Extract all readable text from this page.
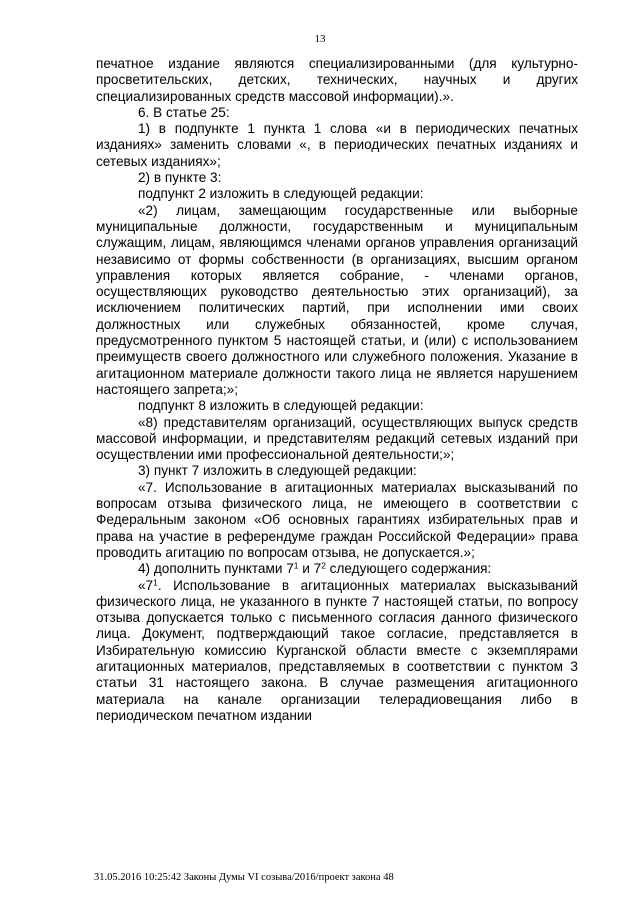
13

печатное издание являются специализированными (для культурно-просветительских, детских, технических, научных и других специализированных средств массовой информации).».

6. В статье 25:

1) в подпункте 1 пункта 1 слова «и в периодических печатных изданиях» заменить словами «, в периодических печатных изданиях и сетевых изданиях»;

2) в пункте 3:

подпункт 2 изложить в следующей редакции:

«2) лицам, замещающим государственные или выборные муниципальные должности, государственным и муниципальным служащим, лицам, являющимся членами органов управления организаций независимо от формы собственности (в организациях, высшим органом управления которых является собрание, - членами органов, осуществляющих руководство деятельностью этих организаций), за исключением политических партий, при исполнении ими своих должностных или служебных обязанностей, кроме случая, предусмотренного пунктом 5 настоящей статьи, и (или) с использованием преимуществ своего должностного или служебного положения. Указание в агитационном материале должности такого лица не является нарушением настоящего запрета;»;

подпункт 8 изложить в следующей редакции:

«8) представителям организаций, осуществляющих выпуск средств массовой информации, и представителям редакций сетевых изданий при осуществлении ими профессиональной деятельности;»;

3) пункт 7 изложить в следующей редакции:

«7. Использование в агитационных материалах высказываний по вопросам отзыва физического лица, не имеющего в соответствии с Федеральным законом «Об основных гарантиях избирательных прав и права на участие в референдуме граждан Российской Федерации» права проводить агитацию по вопросам отзыва, не допускается.»;

4) дополнить пунктами $7^1$ и $7^2$ следующего содержания:

«$7^1$. Использование в агитационных материалах высказываний физического лица, не указанного в пункте 7 настоящей статьи, по вопросу отзыва допускается только с письменного согласия данного физического лица. Документ, подтверждающий такое согласие, представляется в Избирательную комиссию Курганской области вместе с экземплярами агитационных материалов, представляемых в соответствии с пунктом 3 статьи 31 настоящего закона. В случае размещения агитационного материала на канале организации телерадиовещания либо в периодическом печатном издании

31.05.2016 10:25:42 Законы Думы VI созыва/2016/проект закона 48
